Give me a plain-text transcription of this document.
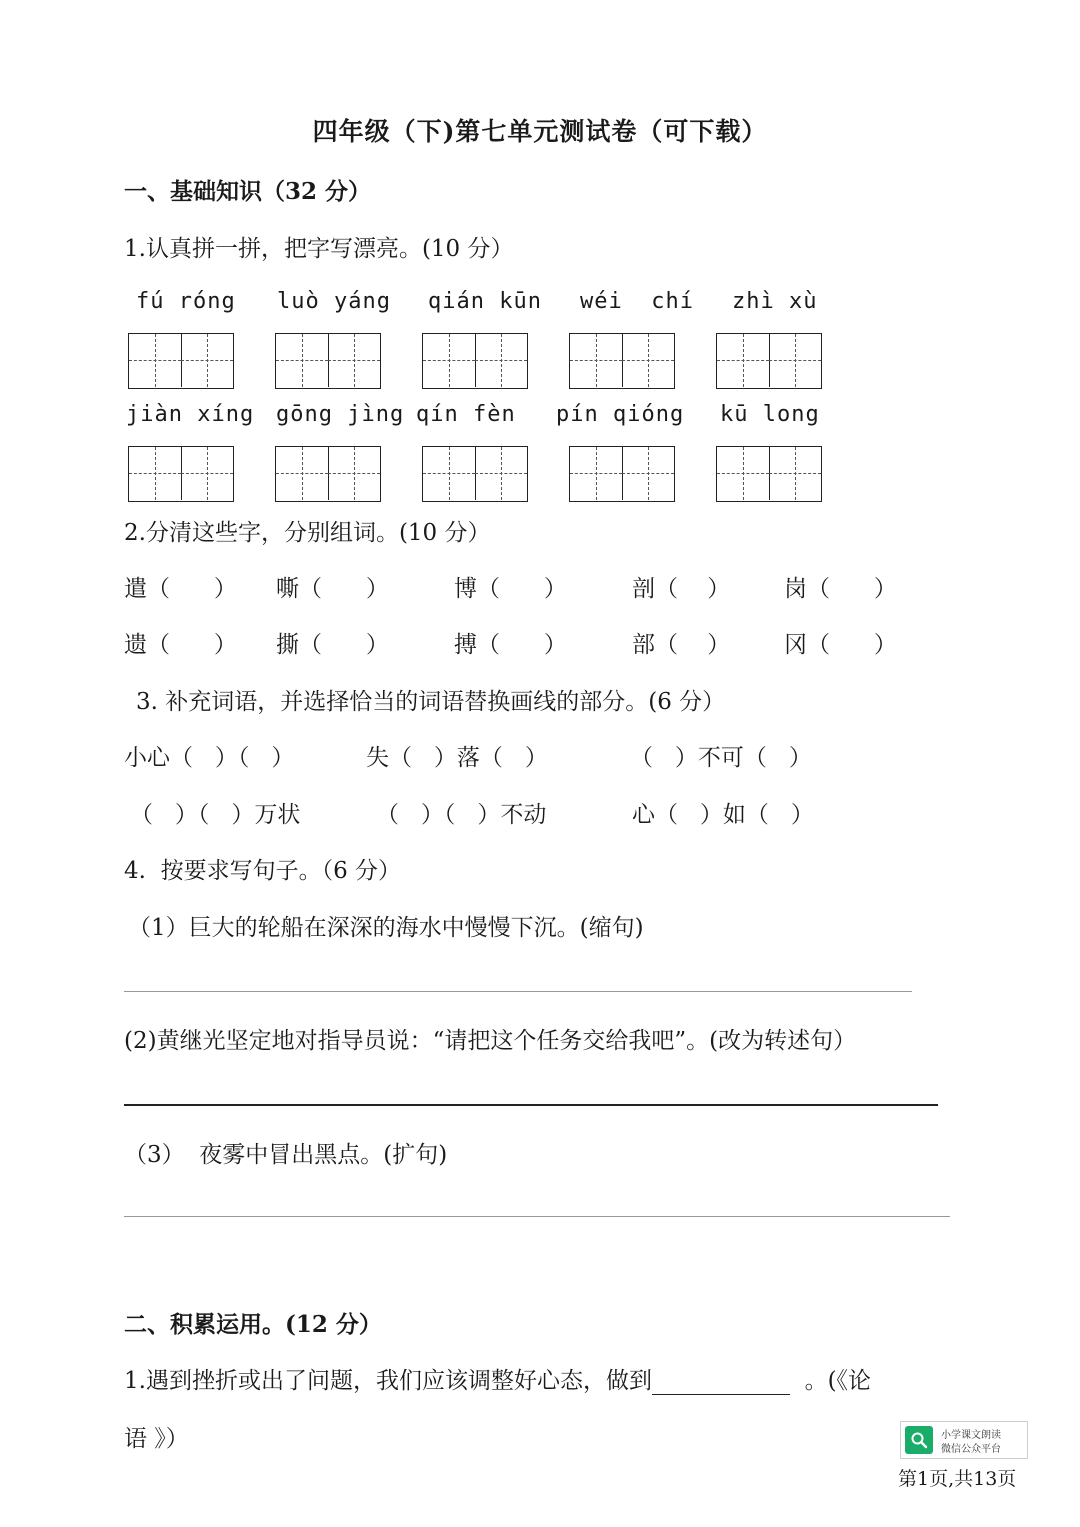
四年级（下)第七单元测试卷（可下载）
一、基础知识（32 分）
1.认真拼一拼，把字写漂亮。(10 分）
fú róng luò yáng qián kūn wéi  chí zhì xù
jiàn xíng gōng jìng qín fèn pín qióng kū long
2.分清这些字，分别组词。(10 分）
遣（      ） 嘶（      ）	博（      ）	剖（    ） 岗（      ）
遗（      ） 撕（      ）	搏（      ）	部（    ） 冈（      ）
3. 补充词语，并选择恰当的词语替换画线的部分。(6 分）
小心（   ）（   ）	失（   ）落（   ）	（   ）不可（   ）
（   ）（   ）万状	（   ）（   ）不动	心（   ）如（   ）
4.  按要求写句子。（6 分）
（1）巨大的轮船在深深的海水中慢慢下沉。(缩句)
(2)黄继光坚定地对指导员说：“请把这个任务交给我吧”。(改为转述句）
（3）  夜雾中冒出黑点。(扩句)
二、积累运用。(12 分）
1.遇到挫折或出了问题，我们应该调整好心态，做到	。(《论
语 》）	小学课文朗读
微信公众平台
第1页,共13页
